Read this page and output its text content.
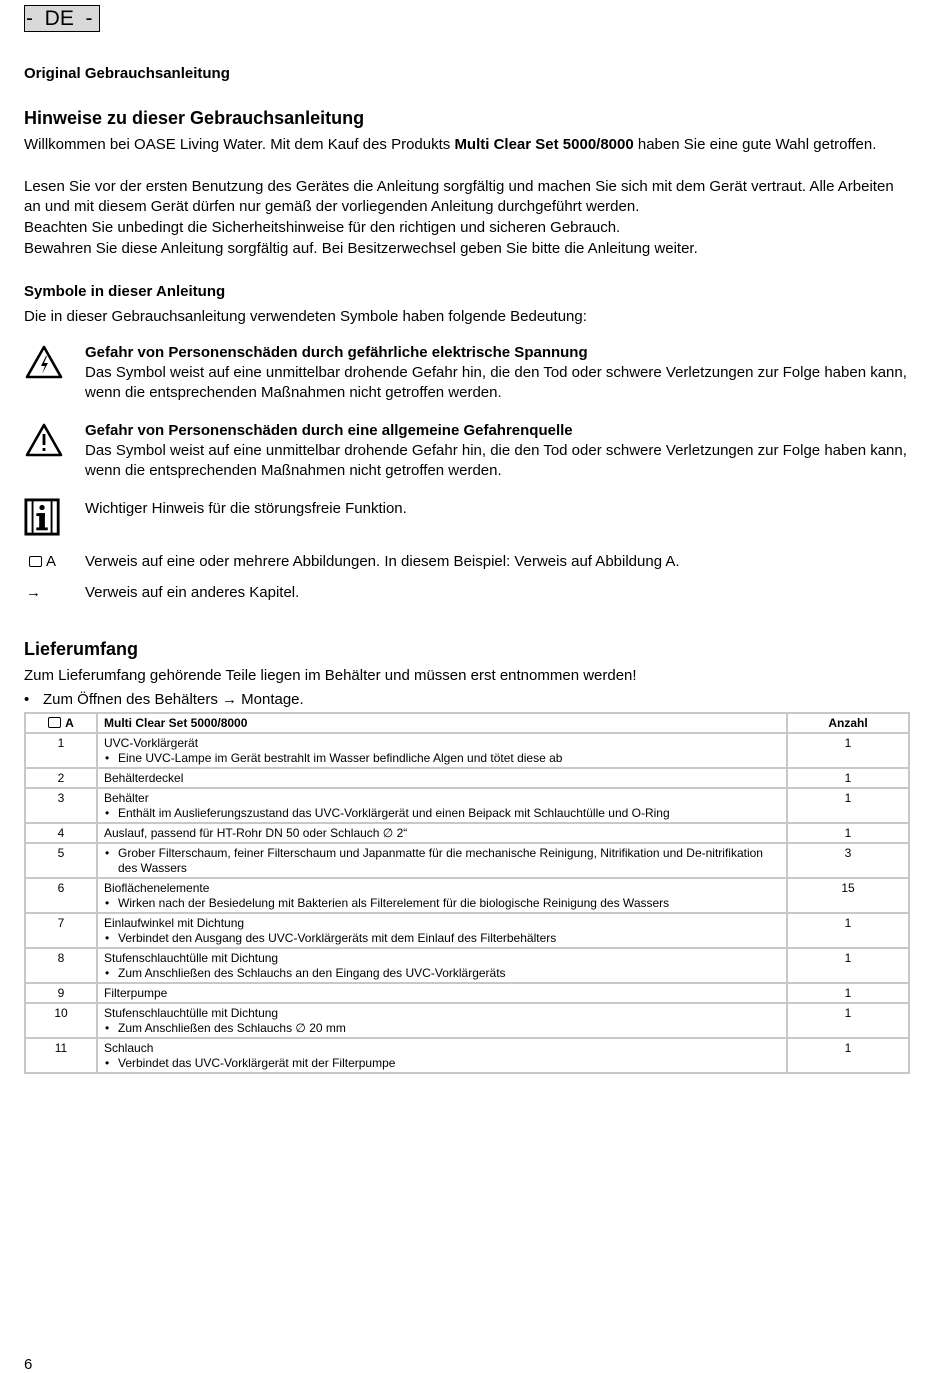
-  DE  -
Original Gebrauchsanleitung
Hinweise zu dieser Gebrauchsanleitung
Willkommen bei OASE Living Water. Mit dem Kauf des Produkts Multi Clear Set 5000/8000 haben Sie eine gute Wahl getroffen.
Lesen Sie vor der ersten Benutzung des Gerätes die Anleitung sorgfältig und machen Sie sich mit dem Gerät vertraut. Alle Arbeiten an und mit diesem Gerät dürfen nur gemäß der vorliegenden Anleitung durchgeführt werden.
Beachten Sie unbedingt die Sicherheitshinweise für den richtigen und sicheren Gebrauch.
Bewahren Sie diese Anleitung sorgfältig auf. Bei Besitzerwechsel geben Sie bitte die Anleitung weiter.
Symbole in dieser Anleitung
Die in dieser Gebrauchsanleitung verwendeten Symbole haben folgende Bedeutung:
Gefahr von Personenschäden durch gefährliche elektrische Spannung
Das Symbol weist auf eine unmittelbar drohende Gefahr hin, die den Tod oder schwere Verletzungen zur Folge haben kann, wenn die entsprechenden Maßnahmen nicht getroffen werden.
Gefahr von Personenschäden durch eine allgemeine Gefahrenquelle
Das Symbol weist auf eine unmittelbar drohende Gefahr hin, die den Tod oder schwere Verletzungen zur Folge haben kann, wenn die entsprechenden Maßnahmen nicht getroffen werden.
Wichtiger Hinweis für die störungsfreie Funktion.
A Verweis auf eine oder mehrere Abbildungen. In diesem Beispiel: Verweis auf Abbildung A.
→	Verweis auf ein anderes Kapitel.
Lieferumfang
Zum Lieferumfang gehörende Teile liegen im Behälter und müssen erst entnommen werden!
• Zum Öffnen des Behälters → Montage.
A	Multi Clear Set 5000/8000	Anzahl
1	UVC-Vorklärgerät
• Eine UVC-Lampe im Gerät bestrahlt im Wasser befindliche Algen und tötet diese ab	1
2	Behälterdeckel	1
3	Behälter
• Enthält im Auslieferungszustand das UVC-Vorklärgerät und einen Beipack mit Schlauchtülle und O-Ring	1
4	Auslauf, passend für HT-Rohr DN 50 oder Schlauch ∅ 2“	1
5	• Grober Filterschaum, feiner Filterschaum und Japanmatte für die mechanische Reinigung, Nitrifikation und De-nitrifikation des Wassers	3
6	Bioflächenelemente
• Wirken nach der Besiedelung mit Bakterien als Filterelement für die biologische Reinigung des Wassers	15
7	Einlaufwinkel mit Dichtung
• Verbindet den Ausgang des UVC-Vorklärgeräts mit dem Einlauf des Filterbehälters	1
8	Stufenschlauchtülle mit Dichtung
• Zum Anschließen des Schlauchs an den Eingang des UVC-Vorklärgeräts	1
9	Filterpumpe	1
10	Stufenschlauchtülle mit Dichtung
• Zum Anschließen des Schlauchs ∅ 20 mm	1
11	Schlauch
• Verbindet das UVC-Vorklärgerät mit der Filterpumpe	1
6
